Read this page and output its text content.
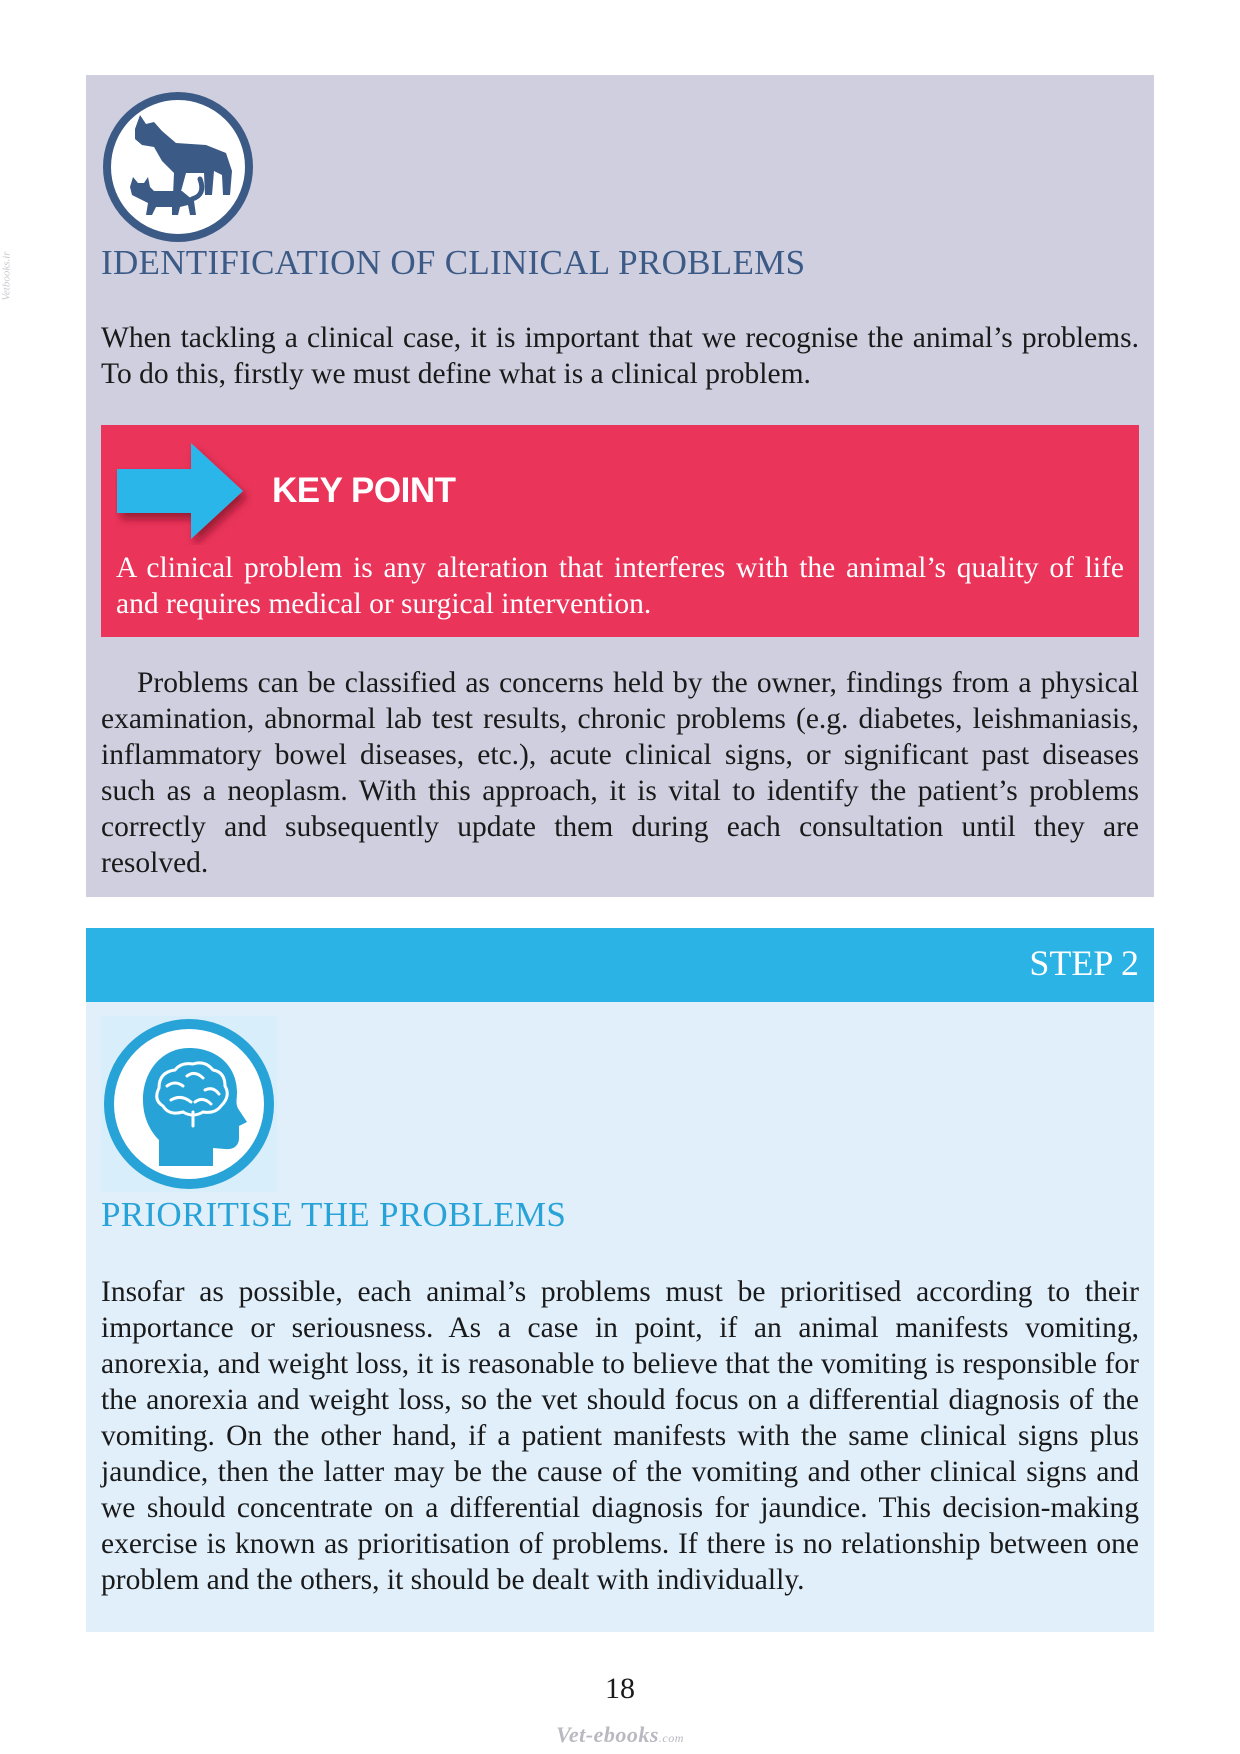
Vetbooks.ir	IDENTIFICATION OF CLINICAL PROBLEMS

When tackling a clinical case, it is important that we recognise the animal’s problems. To do this, firstly we must define what is a clinical problem.

KEY POINT

A clinical problem is any alteration that interferes with the animal’s quality of life and requires medical or surgical intervention.

Problems can be classified as concerns held by the owner, findings from a physical examination, abnormal lab test results, chronic problems (e.g. diabetes, leishmaniasis, inflammatory bowel diseases, etc.), acute clinical signs, or significant past diseases such as a neoplasm. With this approach, it is vital to identify the patient’s problems correctly and subsequently update them during each consultation until they are resolved.

STEP 2
PRIORITISE THE PROBLEMS

Insofar as possible, each animal’s problems must be prioritised according to their importance or seriousness. As a case in point, if an animal manifests vomiting, anorexia, and weight loss, it is reasonable to believe that the vomiting is responsible for the anorexia and weight loss, so the vet should focus on a differential diagnosis of the vomiting. On the other hand, if a patient manifests with the same clinical signs plus jaundice, then the latter may be the cause of the vomiting and other clinical signs and we should concentrate on a differential diagnosis for jaundice. This decision-making exercise is known as prioritisation of problems. If there is no relationship between one problem and the others, it should be dealt with individually.

18
Vet-ebooks.com
